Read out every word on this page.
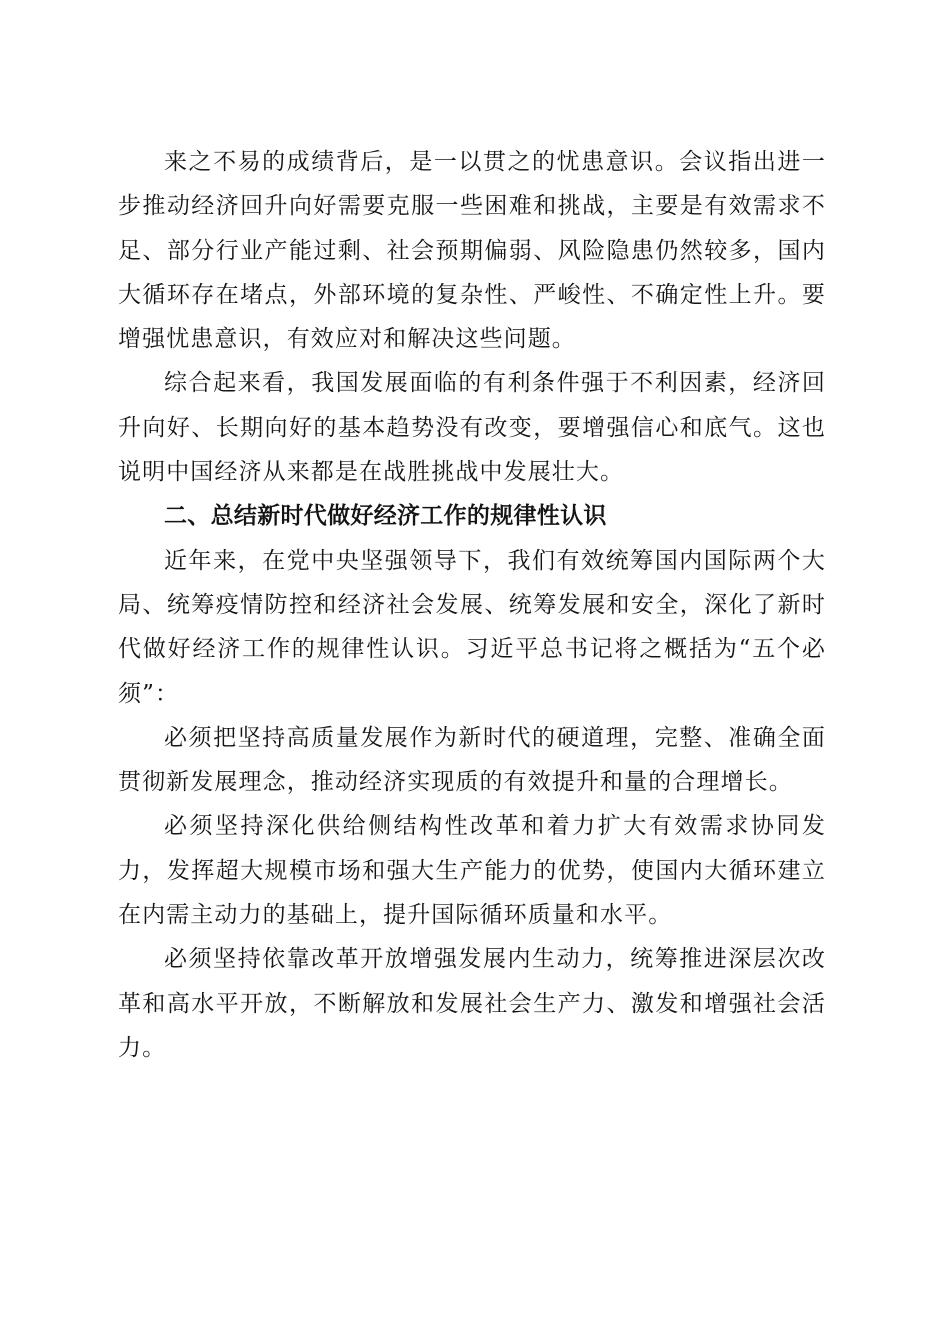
来之不易的成绩背后，是一以贯之的忧患意识。会议指出进一步推动经济回升向好需要克服一些困难和挑战，主要是有效需求不足、部分行业产能过剩、社会预期偏弱、风险隐患仍然较多，国内大循环存在堵点，外部环境的复杂性、严峻性、不确定性上升。要增强忧患意识，有效应对和解决这些问题。

综合起来看，我国发展面临的有利条件强于不利因素，经济回升向好、长期向好的基本趋势没有改变，要增强信心和底气。这也说明中国经济从来都是在战胜挑战中发展壮大。

二、总结新时代做好经济工作的规律性认识

近年来，在党中央坚强领导下，我们有效统筹国内国际两个大局、统筹疫情防控和经济社会发展、统筹发展和安全，深化了新时代做好经济工作的规律性认识。习近平总书记将之概括为“五个必须”：

必须把坚持高质量发展作为新时代的硬道理，完整、准确全面贯彻新发展理念，推动经济实现质的有效提升和量的合理增长。

必须坚持深化供给侧结构性改革和着力扩大有效需求协同发力，发挥超大规模市场和强大生产能力的优势，使国内大循环建立在内需主动力的基础上，提升国际循环质量和水平。

必须坚持依靠改革开放增强发展内生动力，统筹推进深层次改革和高水平开放，不断解放和发展社会生产力、激发和增强社会活力。
